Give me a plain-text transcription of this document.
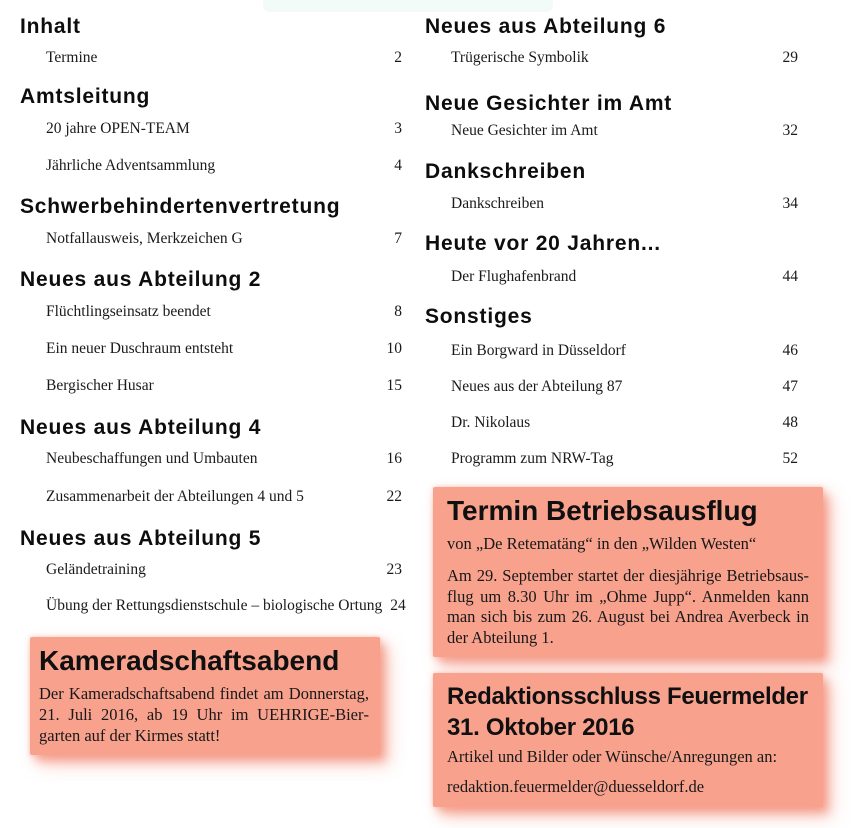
Inhalt
Termine	2
Amtsleitung
20 jahre OPEN-TEAM	3
Jährliche Adventsammlung	4
Schwerbehindertenvertretung
Notfallausweis, Merkzeichen G	7
Neues aus Abteilung 2
Flüchtlingseinsatz beendet	8
Ein neuer Duschraum entsteht	10
Bergischer Husar	15
Neues aus Abteilung 4
Neubeschaffungen und Umbauten	16
Zusammenarbeit der Abteilungen 4 und 5	22
Neues aus Abteilung 5
Geländetraining	23
Übung der Rettungsdienstschule – biologische Ortung 24
Neues aus Abteilung 6
Trügerische Symbolik	29
Neue Gesichter im Amt
Neue Gesichter im Amt	32
Dankschreiben
Dankschreiben	34
Heute vor 20 Jahren...
Der Flughafenbrand	44
Sonstiges
Ein Borgward in Düsseldorf	46
Neues aus der Abteilung 87	47
Dr. Nikolaus	48
Programm zum NRW-Tag	52
Kameradschaftsabend

Der Kameradschaftsabend findet am Donnerstag, 21. Juli 2016, ab 19 Uhr im UEHRIGE-Biergarten auf der Kirmes statt!

Termin Betriebsausflug

von „De Retematäng“ in den „Wilden Westen“

Am 29. September startet der diesjährige Betriebsausflug um 8.30 Uhr im „Ohme Jupp“. Anmelden kann man sich bis zum 26. August bei Andrea Averbeck in der Abteilung 1.

Redaktionsschluss Feuermelder
31. Oktober 2016

Artikel und Bilder oder Wünsche/Anregungen an:

redaktion.feuermelder@duesseldorf.de
